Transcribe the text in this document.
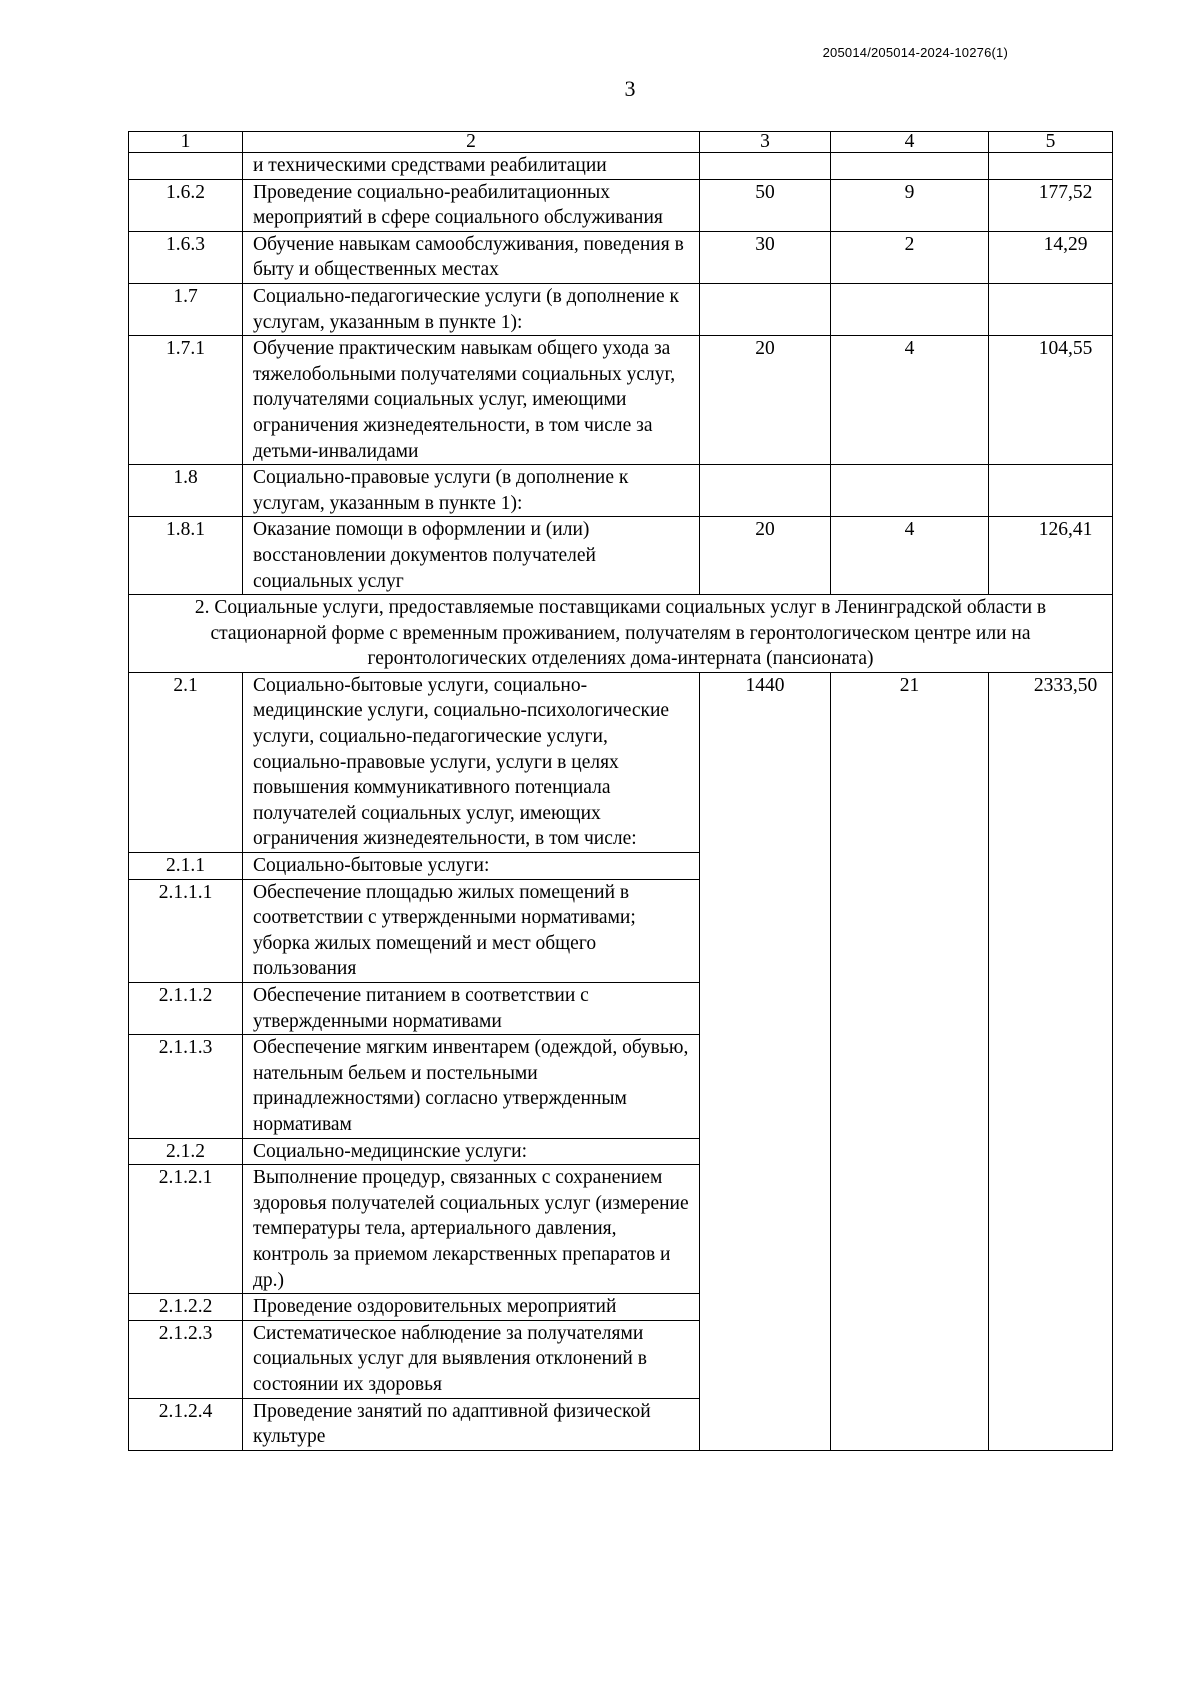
205014/205014-2024-10276(1)
3
1	2	3	4	5
	и техническими средствами реабилитации			
1.6.2	Проведение социально-реабилитационных мероприятий в сфере социального обслуживания	50	9	177,52
1.6.3	Обучение навыкам самообслуживания, поведения в быту и общественных местах	30	2	14,29
1.7	Социально-педагогические услуги (в дополнение к услугам, указанным в пункте 1):			
1.7.1	Обучение практическим навыкам общего ухода за тяжелобольными получателями социальных услуг, получателями социальных услуг, имеющими ограничения жизнедеятельности, в том числе за детьми-инвалидами	20	4	104,55
1.8	Социально-правовые услуги (в дополнение к услугам, указанным в пункте 1):			
1.8.1	Оказание помощи в оформлении и (или) восстановлении документов получателей социальных услуг	20	4	126,41
2. Социальные услуги, предоставляемые поставщиками социальных услуг в Ленинградской области в стационарной форме с временным проживанием, получателям в геронтологическом центре или на геронтологических отделениях дома-интерната (пансионата)				
2.1	Социально-бытовые услуги, социально-медицинские услуги, социально-психологические услуги, социально-педагогические услуги, социально-правовые услуги, услуги в целях повышения коммуникативного потенциала получателей социальных услуг, имеющих ограничения жизнедеятельности, в том числе:	1440	21	2333,50
2.1.1	Социально-бытовые услуги:			
2.1.1.1	Обеспечение площадью жилых помещений в соответствии с утвержденными нормативами; уборка жилых помещений и мест общего пользования			
2.1.1.2	Обеспечение питанием в соответствии с утвержденными нормативами			
2.1.1.3	Обеспечение мягким инвентарем (одеждой, обувью, нательным бельем и постельными принадлежностями) согласно утвержденным нормативам			
2.1.2	Социально-медицинские услуги:			
2.1.2.1	Выполнение процедур, связанных с сохранением здоровья получателей социальных услуг (измерение температуры тела, артериального давления, контроль за приемом лекарственных препаратов и др.)			
2.1.2.2	Проведение оздоровительных мероприятий			
2.1.2.3	Систематическое наблюдение за получателями социальных услуг для выявления отклонений в состоянии их здоровья			
2.1.2.4	Проведение занятий по адаптивной физической культуре			
